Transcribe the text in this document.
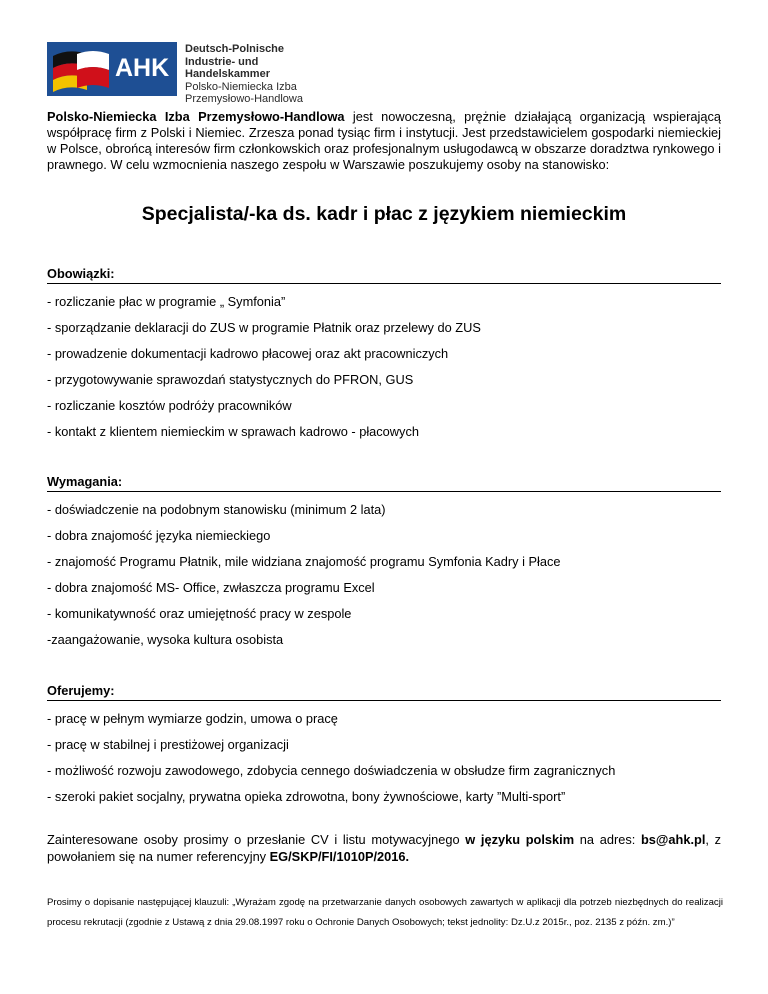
AHK
Deutsch-Polnische
Industrie- und Handelskammer
Polsko-Niemiecka Izba
Przemysłowo-Handlowa
Polsko-Niemiecka Izba Przemysłowo-Handlowa jest nowoczesną, prężnie działającą organizacją wspierającą współpracę firm z Polski i Niemiec. Zrzesza ponad tysiąc firm i instytucji. Jest przedstawicielem gospodarki niemieckiej w Polsce, obrońcą interesów firm członkowskich oraz profesjonalnym usługodawcą w obszarze doradztwa rynkowego i prawnego. W celu wzmocnienia naszego zespołu w Warszawie poszukujemy osoby na stanowisko:
Specjalista/-ka ds. kadr i płac z językiem niemieckim
Obowiązki:
- rozliczanie płac w programie „ Symfonia”
- sporządzanie deklaracji do ZUS w programie Płatnik oraz przelewy do ZUS
- prowadzenie dokumentacji kadrowo płacowej oraz akt pracowniczych
- przygotowywanie sprawozdań statystycznych do PFRON, GUS
- rozliczanie kosztów podróży pracowników
- kontakt z klientem niemieckim w sprawach kadrowo - płacowych
Wymagania:
- doświadczenie na podobnym stanowisku (minimum 2 lata)
- dobra znajomość języka niemieckiego
- znajomość Programu Płatnik, mile widziana znajomość programu Symfonia Kadry i Płace
- dobra znajomość MS- Office, zwłaszcza programu Excel
- komunikatywność oraz umiejętność pracy w zespole
-zaangażowanie, wysoka kultura osobista
Oferujemy:
- pracę w pełnym wymiarze godzin, umowa o pracę
- pracę w stabilnej i prestiżowej organizacji
- możliwość rozwoju zawodowego, zdobycia cennego doświadczenia w obsłudze firm zagranicznych
- szeroki pakiet socjalny, prywatna opieka zdrowotna, bony żywnościowe, karty ”Multi-sport”
Zainteresowane osoby prosimy o przesłanie CV i listu motywacyjnego w języku polskim na adres: bs@ahk.pl, z powołaniem się na numer referencyjny EG/SKP/FI/1010P/2016.
Prosimy o dopisanie następującej klauzuli: „Wyrażam zgodę na przetwarzanie danych osobowych zawartych w aplikacji dla potrzeb niezbędnych do realizacji procesu rekrutacji (zgodnie z Ustawą z dnia 29.08.1997 roku o Ochronie Danych Osobowych; tekst jednolity: Dz.U.z 2015r., poz. 2135 z późn. zm.)”
